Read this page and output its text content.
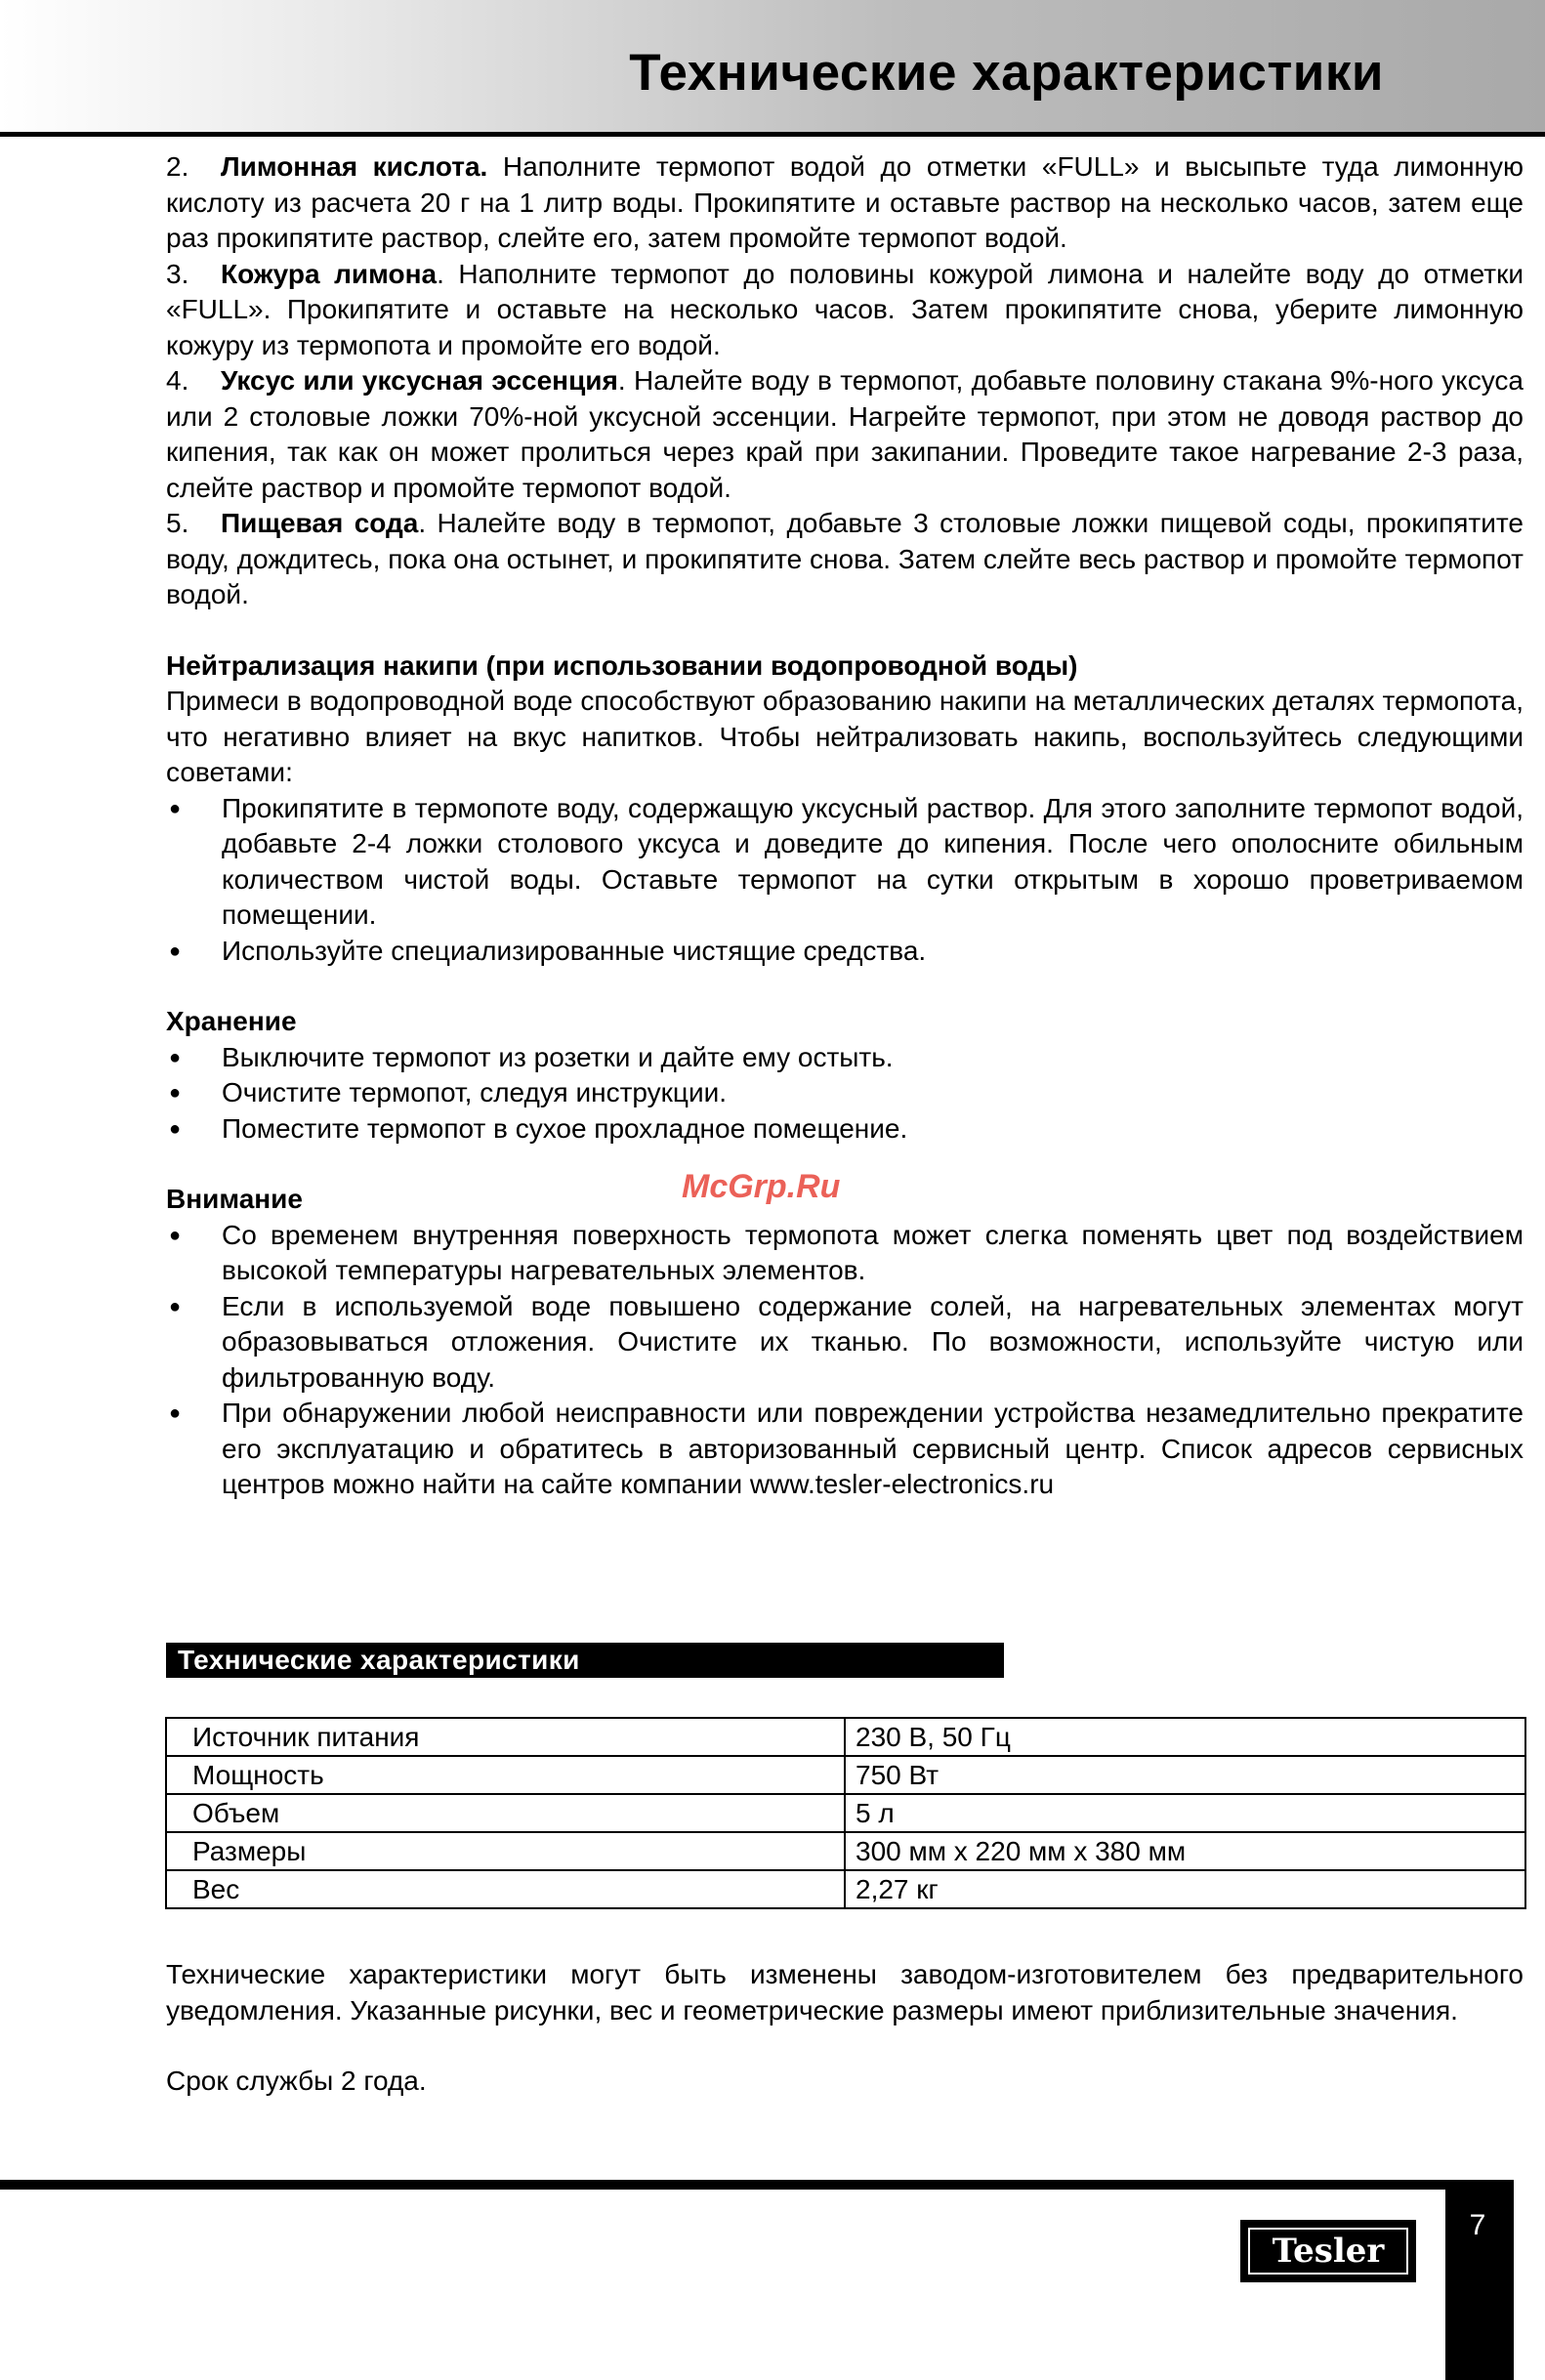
Технические характеристики

2. Лимонная кислота. Наполните термопот водой до отметки «FULL» и высыпьте туда лимонную кислоту из расчета 20 г на 1 литр воды. Прокипятите и оставьте раствор на несколько часов, затем еще раз прокипятите раствор, слейте его, затем промойте термопот водой.

3. Кожура лимона. Наполните термопот до половины кожурой лимона и налейте воду до отметки «FULL». Прокипятите и оставьте на несколько часов. Затем прокипятите снова, уберите лимонную кожуру из термопота и промойте его водой.

4. Уксус или уксусная эссенция. Налейте воду в термопот, добавьте половину стакана 9%-ного уксуса или 2 столовые ложки 70%-ной уксусной эссенции. Нагрейте термопот, при этом не доводя раствор до кипения, так как он может пролиться через край при закипании. Проведите такое нагревание 2-3 раза, слейте раствор и промойте термопот водой.

5. Пищевая сода. Налейте воду в термопот, добавьте 3 столовые ложки пищевой соды, прокипятите воду, дождитесь, пока она остынет, и прокипятите снова. Затем слейте весь раствор и промойте термопот водой.

Нейтрализация накипи (при использовании водопроводной воды)

Примеси в водопроводной воде способствуют образованию накипи на металлических деталях термопота, что негативно влияет на вкус напитков. Чтобы нейтрализовать накипь, воспользуйтесь следующими советами:

● Прокипятите в термопоте воду, содержащую уксусный раствор. Для этого заполните термопот водой, добавьте 2-4 ложки столового уксуса и доведите до кипения. После чего ополосните обильным количеством чистой воды. Оставьте термопот на сутки открытым в хорошо проветриваемом помещении.
● Используйте специализированные чистящие средства.

Хранение

● Выключите термопот из розетки и дайте ему остыть.
● Очистите термопот, следуя инструкции.
● Поместите термопот в сухое прохладное помещение.

Внимание

● Со временем внутренняя поверхность термопота может слегка поменять цвет под воздействием высокой температуры нагревательных элементов.
● Если в используемой воде повышено содержание солей, на нагревательных элементах могут образовываться отложения. Очистите их тканью. По возможности, используйте чистую или фильтрованную воду.
● При обнаружении любой неисправности или повреждении устройства незамедлительно прекратите его эксплуатацию и обратитесь в авторизованный сервисный центр. Список адресов сервисных центров можно найти на сайте компании www.tesler-electronics.ru
McGrp.Ru
Технические характеристики
Источник питания	230 В, 50 Гц
Мощность	750 Вт
Объем	5 л
Размеры	300 мм х 220 мм х 380 мм
Вес	2,27 кг

Технические характеристики могут быть изменены заводом-изготовителем без предварительного уведомления. Указанные рисунки, вес и геометрические размеры имеют приблизительные значения.

Срок службы 2 года.

7
Tesler
